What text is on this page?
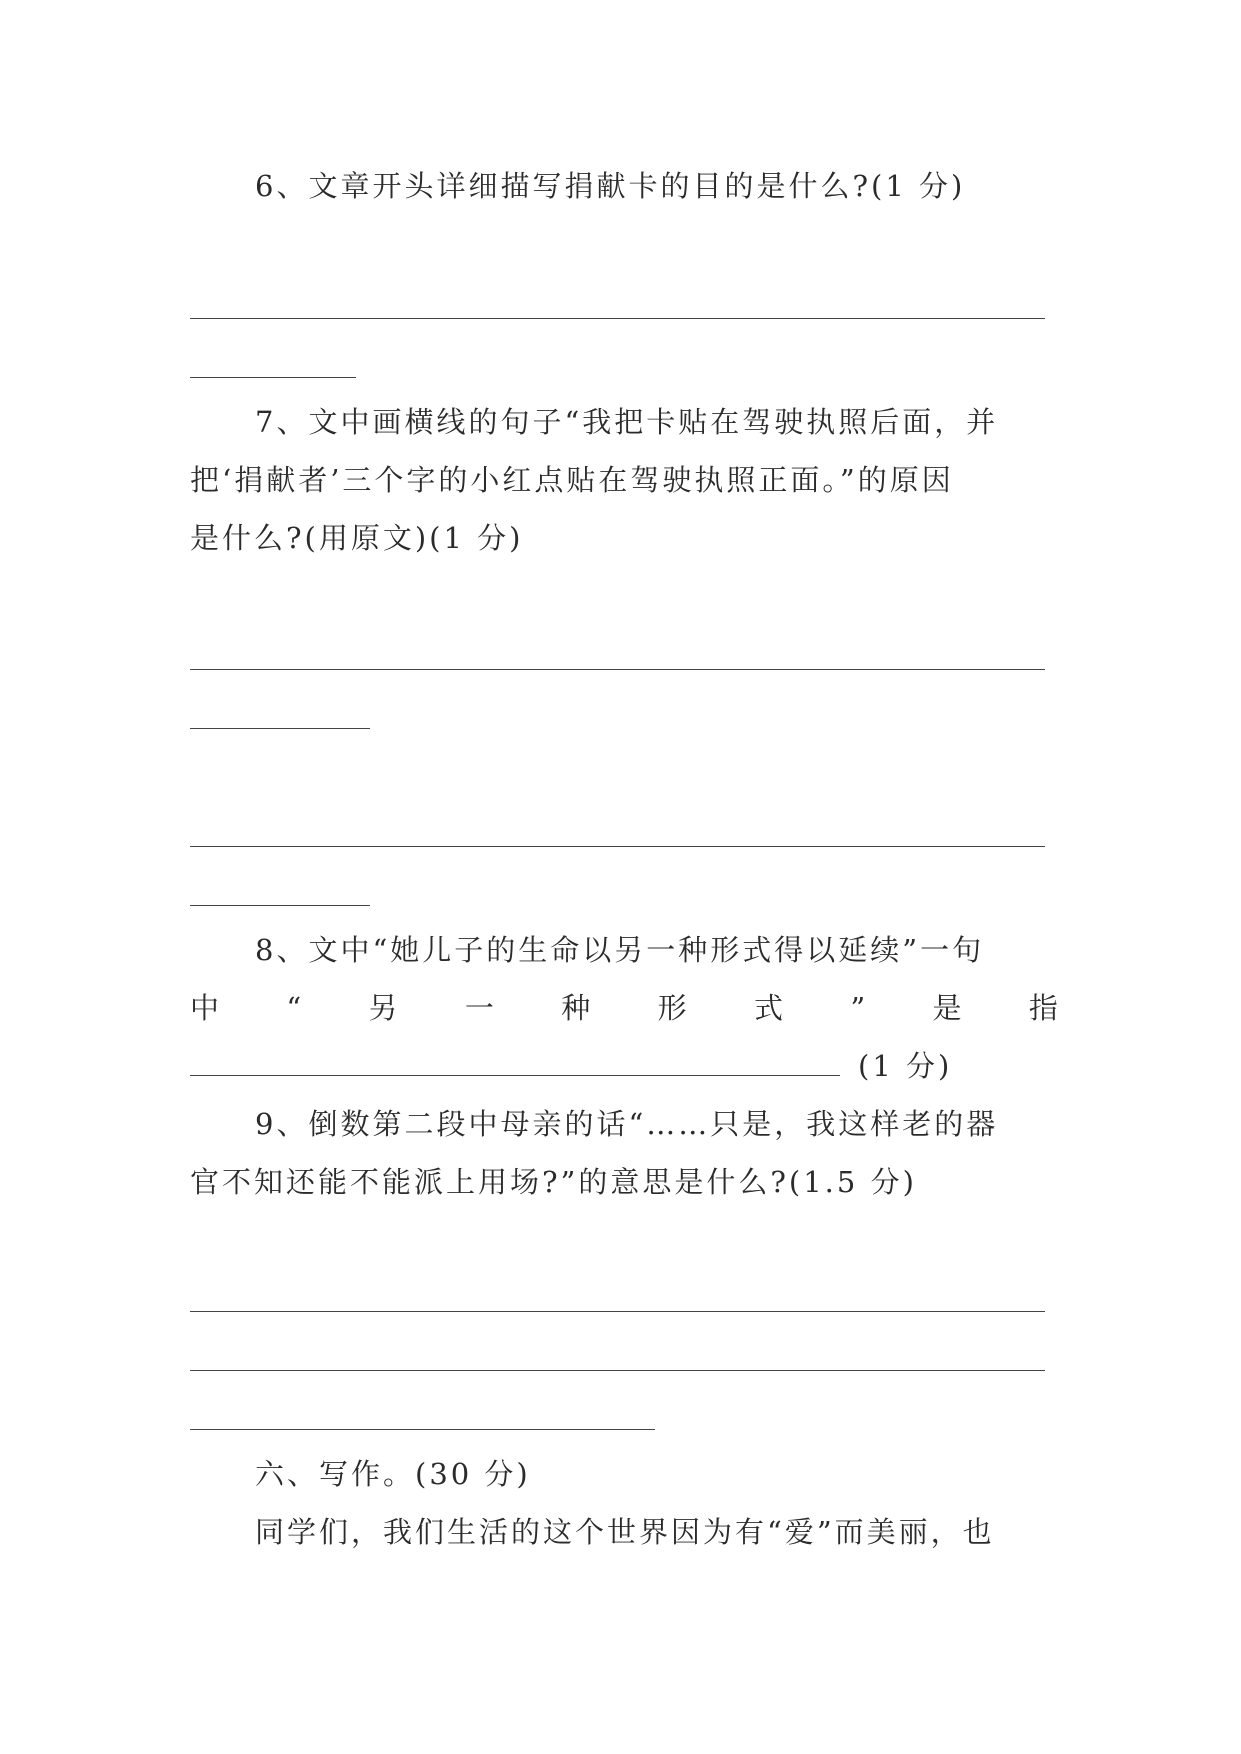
6、文章开头详细描写捐献卡的目的是什么?(1 分)
7、文中画横线的句子“我把卡贴在驾驶执照后面，并
把‘捐献者’三个字的小红点贴在驾驶执照正面。”的原因
是什么?(用原文)(1 分)
8、文中“她儿子的生命以另一种形式得以延续”一句
中 “ 另 一 种 形 式 ” 是 指
(1 分)
9、倒数第二段中母亲的话“……只是，我这样老的器
官不知还能不能派上用场?”的意思是什么?(1.5 分)
六、写作。(30 分)
同学们，我们生活的这个世界因为有“爱”而美丽，也
